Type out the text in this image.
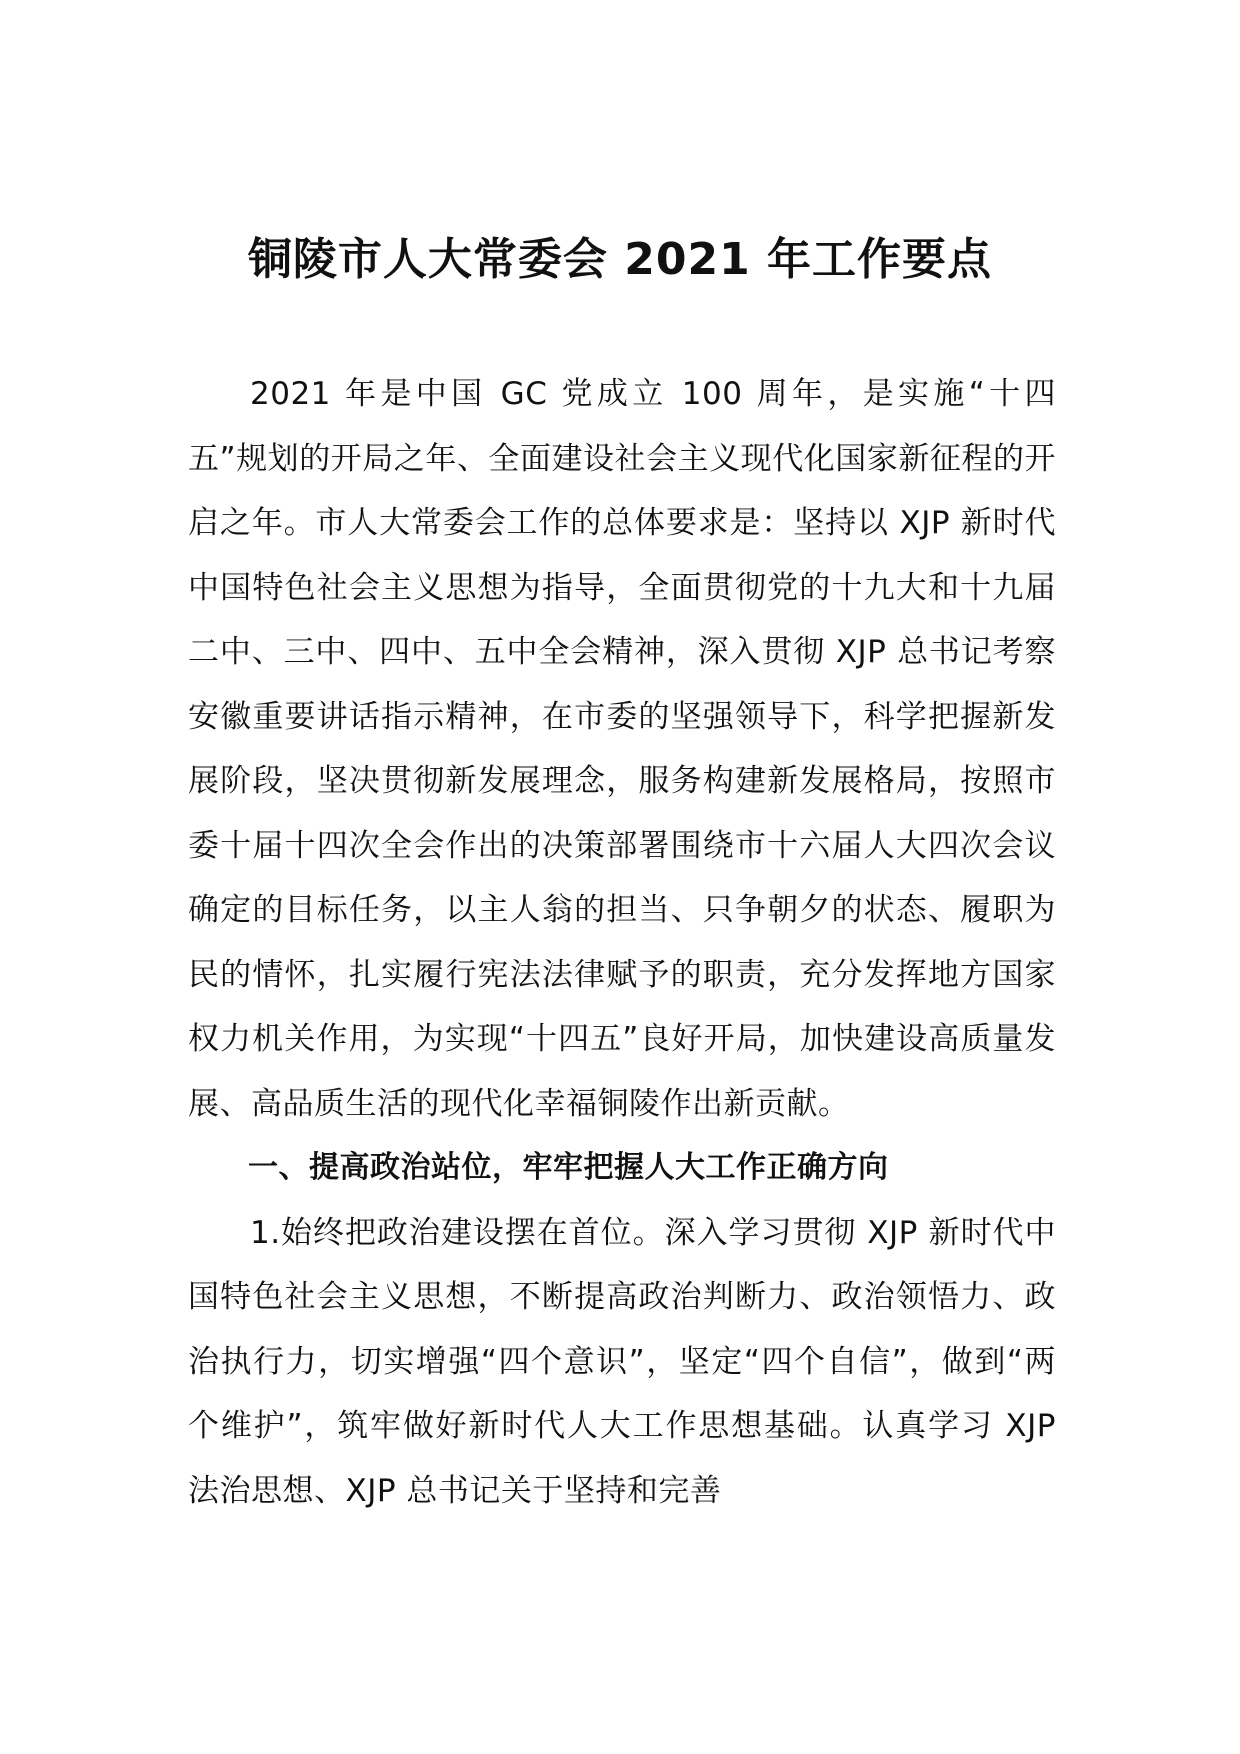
铜陵市人大常委会 2021 年工作要点

2021 年是中国 GC 党成立 100 周年，是实施“十四五”规划的开局之年、全面建设社会主义现代化国家新征程的开启之年。市人大常委会工作的总体要求是：坚持以 XJP 新时代中国特色社会主义思想为指导，全面贯彻党的十九大和十九届二中、三中、四中、五中全会精神，深入贯彻 XJP 总书记考察安徽重要讲话指示精神，在市委的坚强领导下，科学把握新发展阶段，坚决贯彻新发展理念，服务构建新发展格局，按照市委十届十四次全会作出的决策部署围绕市十六届人大四次会议确定的目标任务，以主人翁的担当、只争朝夕的状态、履职为民的情怀，扎实履行宪法法律赋予的职责，充分发挥地方国家权力机关作用，为实现“十四五”良好开局，加快建设高质量发展、高品质生活的现代化幸福铜陵作出新贡献。

一、提高政治站位，牢牢把握人大工作正确方向

1.始终把政治建设摆在首位。深入学习贯彻 XJP 新时代中国特色社会主义思想，不断提高政治判断力、政治领悟力、政治执行力，切实增强“四个意识”，坚定“四个自信”，做到“两个维护”，筑牢做好新时代人大工作思想基础。认真学习 XJP 法治思想、XJP 总书记关于坚持和完善
